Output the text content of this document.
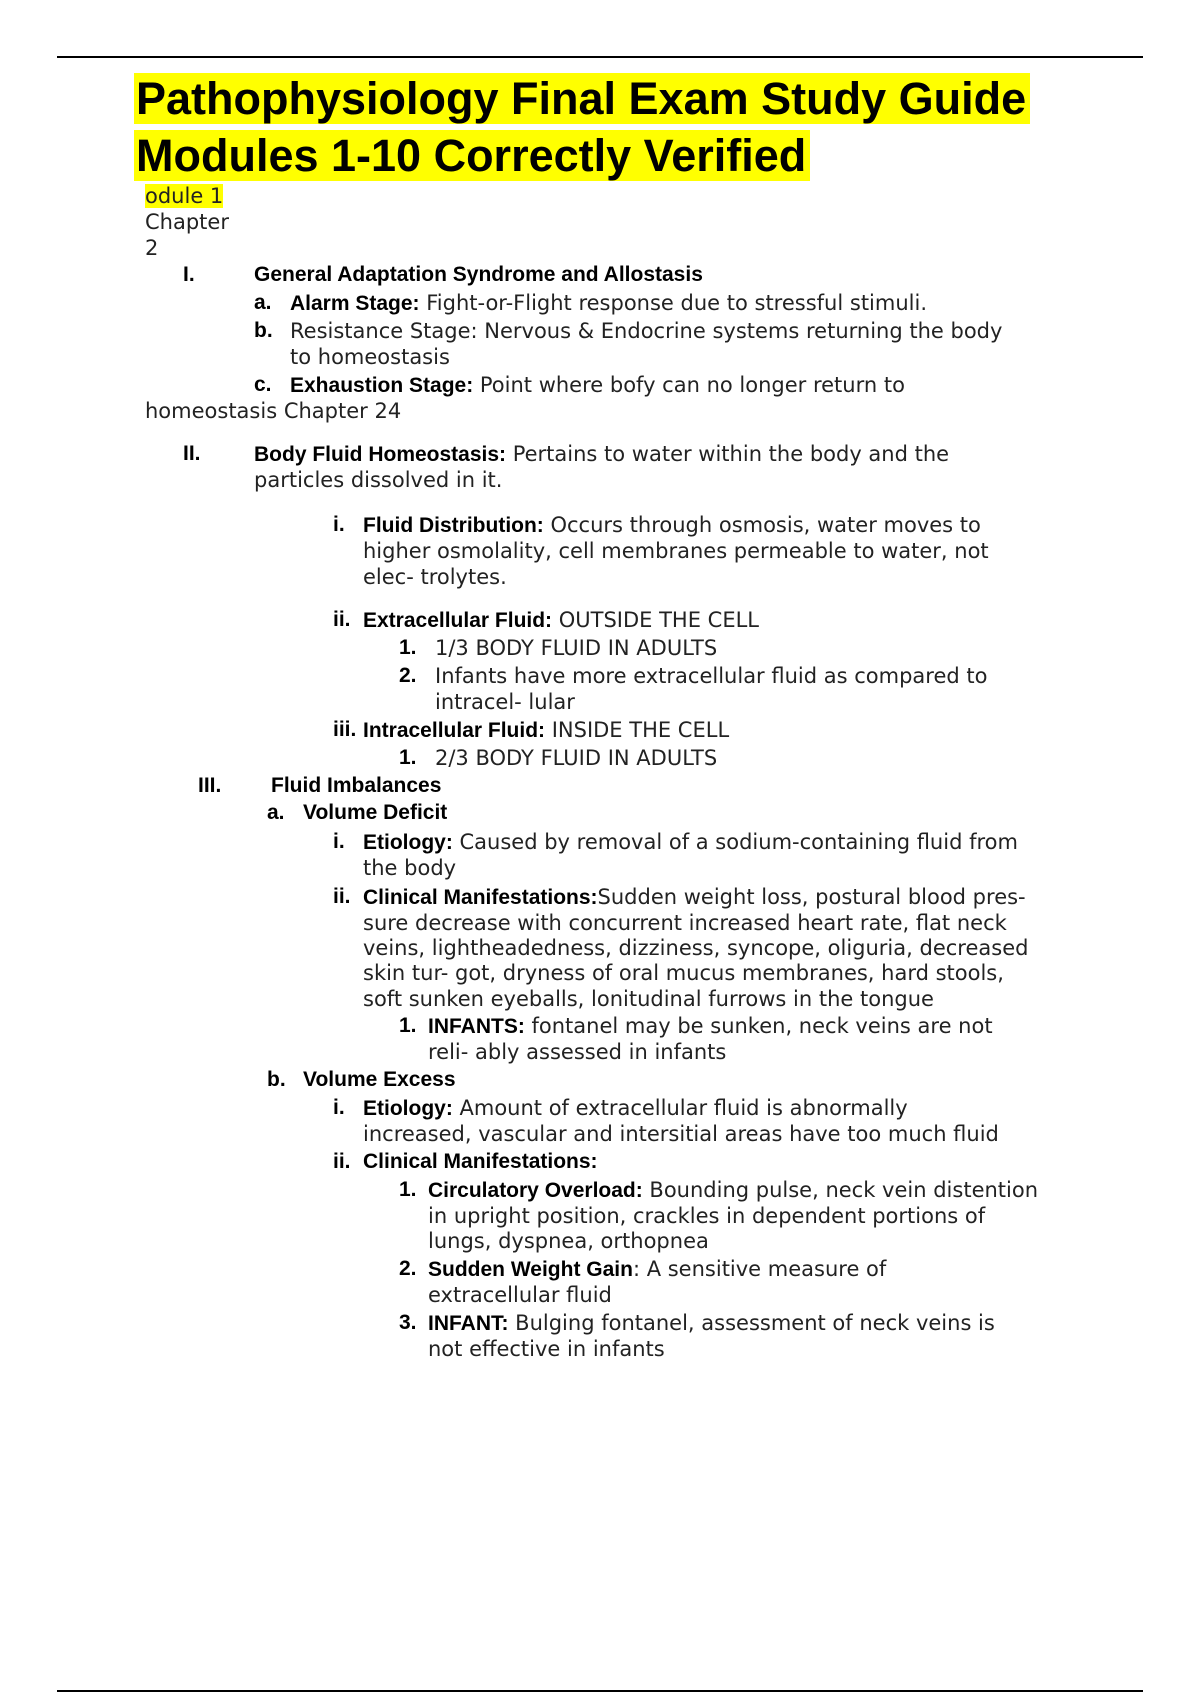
Pathophysiology Final Exam Study Guide
Modules 1-10 Correctly Verified
odule 1
Chapter
2
I.	General Adaptation Syndrome and Allostasis
a. Alarm Stage: Fight-or-Flight response due to stressful stimuli.
b. Resistance Stage: Nervous & Endocrine systems returning the body
to homeostasis
c. Exhaustion Stage: Point where bofy can no longer return to
homeostasis Chapter 24
II.	Body Fluid Homeostasis: Pertains to water within the body and the
particles dissolved in it.
i. Fluid Distribution: Occurs through osmosis, water moves to
higher osmolality, cell membranes permeable to water, not
elec- trolytes.
ii. Extracellular Fluid: OUTSIDE THE CELL
1. 1/3 BODY FLUID IN ADULTS
2. Infants have more extracellular fluid as compared to
intracel- lular
iii. Intracellular Fluid: INSIDE THE CELL
1. 2/3 BODY FLUID IN ADULTS
III. Fluid Imbalances
a. Volume Deficit
i. Etiology: Caused by removal of a sodium-containing fluid from
the body
ii. Clinical Manifestations:Sudden weight loss, postural blood pres-
sure decrease with concurrent increased heart rate, flat neck
veins, lightheadedness, dizziness, syncope, oliguria, decreased
skin tur- got, dryness of oral mucus membranes, hard stools,
soft sunken eyeballs, lonitudinal furrows in the tongue
1. INFANTS: fontanel may be sunken, neck veins are not
reli- ably assessed in infants
b. Volume Excess
i. Etiology: Amount of extracellular fluid is abnormally
increased, vascular and intersitial areas have too much fluid
ii. Clinical Manifestations:
1. Circulatory Overload: Bounding pulse, neck vein distention
in upright position, crackles in dependent portions of
lungs, dyspnea, orthopnea
2. Sudden Weight Gain: A sensitive measure of
extracellular fluid
3. INFANT: Bulging fontanel, assessment of neck veins is
not effective in infants
